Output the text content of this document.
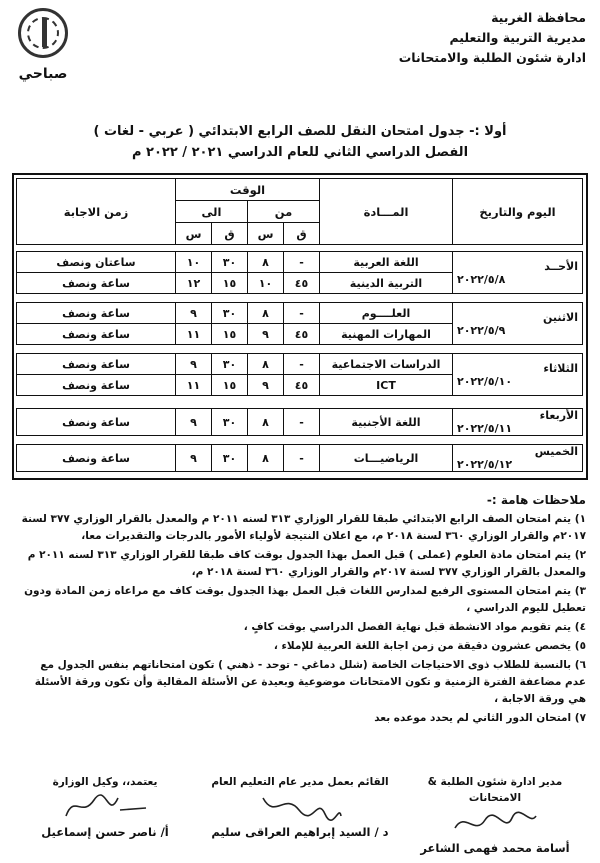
محافظة الغربية
مديرية التربية والتعليم
ادارة شئون الطلبة والامتحانات
صباحي
أولا :- جدول امتحان النقل للصف الرابع الابتدائي ( عربي - لغات )
الفصل الدراسي الثاني للعام الدراسي ٢٠٢١ / ٢٠٢٢ م
اليوم والتاريخ	المـــادة	الوقت				زمن الاجابة
		من		الى		
		ق	س	ق	س	

الأحــد
٢٠٢٢/٥/٨	اللغة العربية	-	٨	٣٠	١٠	ساعتان ونصف
	التربية الدينية	٤٥	١٠	١٥	١٢	ساعة ونصف

الاثنين
٢٠٢٢/٥/٩	العلــــوم	-	٨	٣٠	٩	ساعة ونصف
	المهارات المهنية	٤٥	٩	١٥	١١	ساعة ونصف

الثلاثاء
٢٠٢٢/٥/١٠	الدراسات الاجتماعية	-	٨	٣٠	٩	ساعة ونصف
	ICT	٤٥	٩	١٥	١١	ساعة ونصف

الأربعاء
٢٠٢٢/٥/١١	اللغة الأجنبية	-	٨	٣٠	٩	ساعة ونصف

الخميس
٢٠٢٢/٥/١٢	الرياضيـــات	-	٨	٣٠	٩	ساعة ونصف
ملاحظات هامة :-

١) يتم امتحان الصف الرابع الابتدائي طبقا للقرار الوزاري ٣١٣ لسنه ٢٠١١ م والمعدل بالقرار الوزاري ٣٧٧ لسنة ٢٠١٧م والقرار الوزاري ٣٦٠ لسنة ٢٠١٨ م، مع اعلان النتيجة لأولياء الأمور بالدرجات والتقديرات معا،

٢) يتم امتحان مادة العلوم (عملى ) قبل العمل بهذا الجدول بوقت كاف طبقا للقرار الوزاري ٣١٣ لسنه ٢٠١١ م والمعدل بالقرار الوزاري ٣٧٧ لسنة ٢٠١٧م والقرار الوزاري ٣٦٠ لسنة ٢٠١٨ م،

٣) يتم امتحان المستوى الرفيع لمدارس اللغات قبل العمل بهذا الجدول بوقت كاف مع مراعاه زمن المادة ودون تعطيل لليوم الدراسي ،

٤) يتم تقويم مواد الانشطة قبل نهاية الفصل الدراسي بوقت كافٍ ،

٥) يخصص عشرون دقيقة من زمن اجابة اللغة العربية للإملاء ،

٦) بالنسبة للطلاب ذوى الاحتياجات الخاصة (شلل دماغي - توحد - ذهني ) تكون امتحاناتهم بنفس الجدول مع عدم مضاعفة الفترة الزمنية و تكون الامتحانات موضوعية وبعيدة عن الأسئلة المقالية وأن تكون ورقة الأسئلة هي ورقة الاجابة ،

٧) امتحان الدور الثاني لم يحدد موعده بعد

مدير ادارة شئون الطلبة & الامتحانات
أسامة محمد فهمى الشاعر
القائم بعمل مدير عام التعليم العام
د / السيد إبراهيم العراقى سليم
يعتمد،، وكيل الوزارة
أ/ ناصر حسن إسماعيل
